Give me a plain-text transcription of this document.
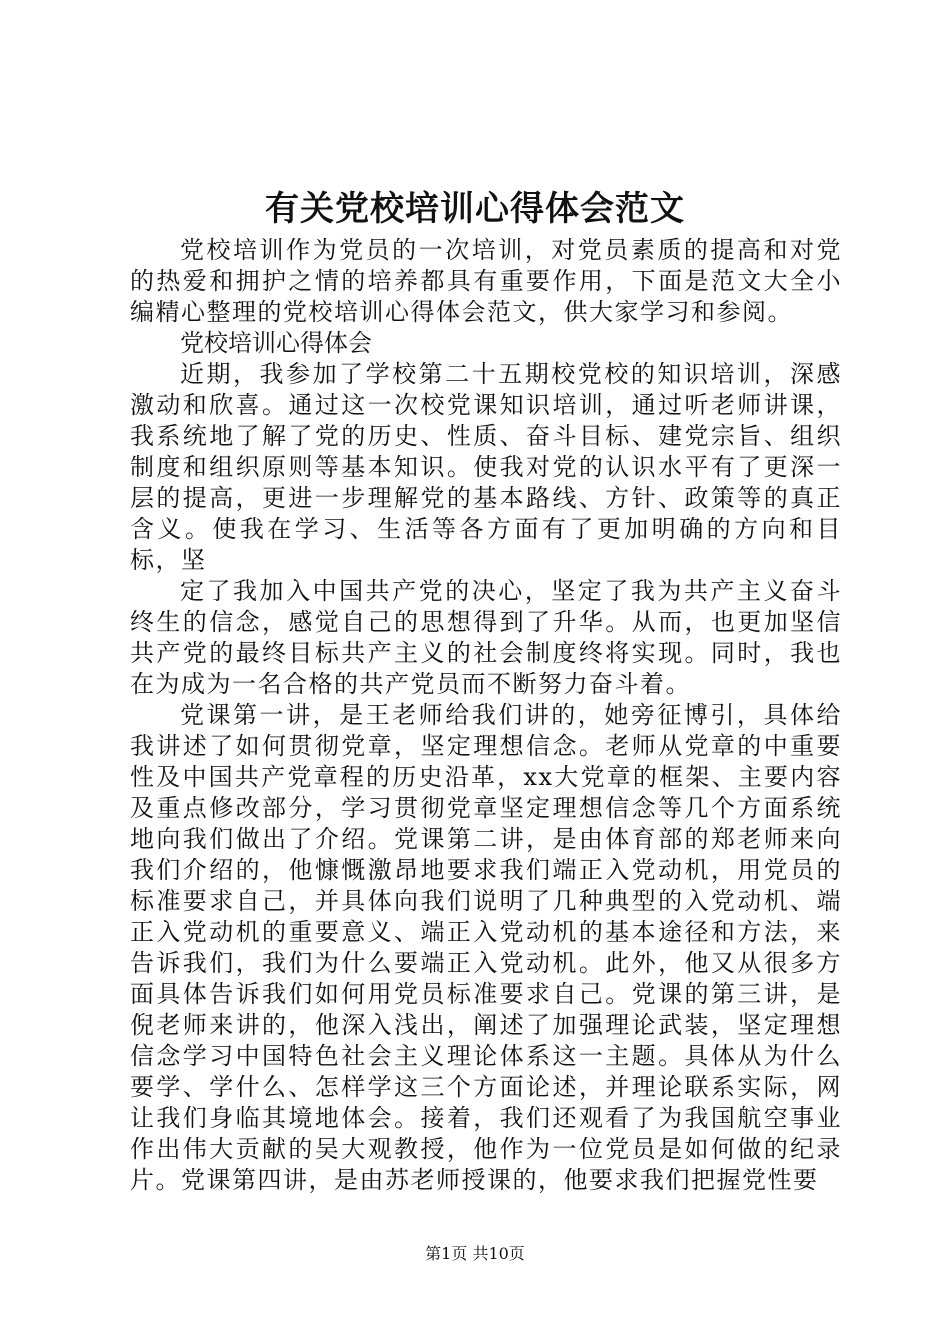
有关党校培训心得体会范文

党校培训作为党员的一次培训，对党员素质的提高和对党的热爱和拥护之情的培养都具有重要作用，下面是范文大全小编精心整理的党校培训心得体会范文，供大家学习和参阅。

党校培训心得体会

近期，我参加了学校第二十五期校党校的知识培训，深感激动和欣喜。通过这一次校党课知识培训，通过听老师讲课，我系统地了解了党的历史、性质、奋斗目标、建党宗旨、组织制度和组织原则等基本知识。使我对党的认识水平有了更深一层的提高，更进一步理解党的基本路线、方针、政策等的真正含义。使我在学习、生活等各方面有了更加明确的方向和目标，坚

定了我加入中国共产党的决心，坚定了我为共产主义奋斗终生的信念，感觉自己的思想得到了升华。从而，也更加坚信共产党的最终目标共产主义的社会制度终将实现。同时，我也在为成为一名合格的共产党员而不断努力奋斗着。

党课第一讲，是王老师给我们讲的，她旁征博引，具体给我讲述了如何贯彻党章，坚定理想信念。老师从党章的中重要性及中国共产党章程的历史沿革，xx大党章的框架、主要内容及重点修改部分，学习贯彻党章坚定理想信念等几个方面系统地向我们做出了介绍。党课第二讲，是由体育部的郑老师来向我们介绍的，他慷慨激昂地要求我们端正入党动机，用党员的标准要求自己，并具体向我们说明了几种典型的入党动机、端正入党动机的重要意义、端正入党动机的基本途径和方法，来告诉我们，我们为什么要端正入党动机。此外，他又从很多方面具体告诉我们如何用党员标准要求自己。党课的第三讲，是倪老师来讲的，他深入浅出，阐述了加强理论武装，坚定理想信念学习中国特色社会主义理论体系这一主题。具体从为什么要学、学什么、怎样学这三个方面论述，并理论联系实际，网让我们身临其境地体会。接着，我们还观看了为我国航空事业作出伟大贡献的吴大观教授，他作为一位党员是如何做的纪录片。党课第四讲，是由苏老师授课的，他要求我们把握党性要

第1页 共10页
